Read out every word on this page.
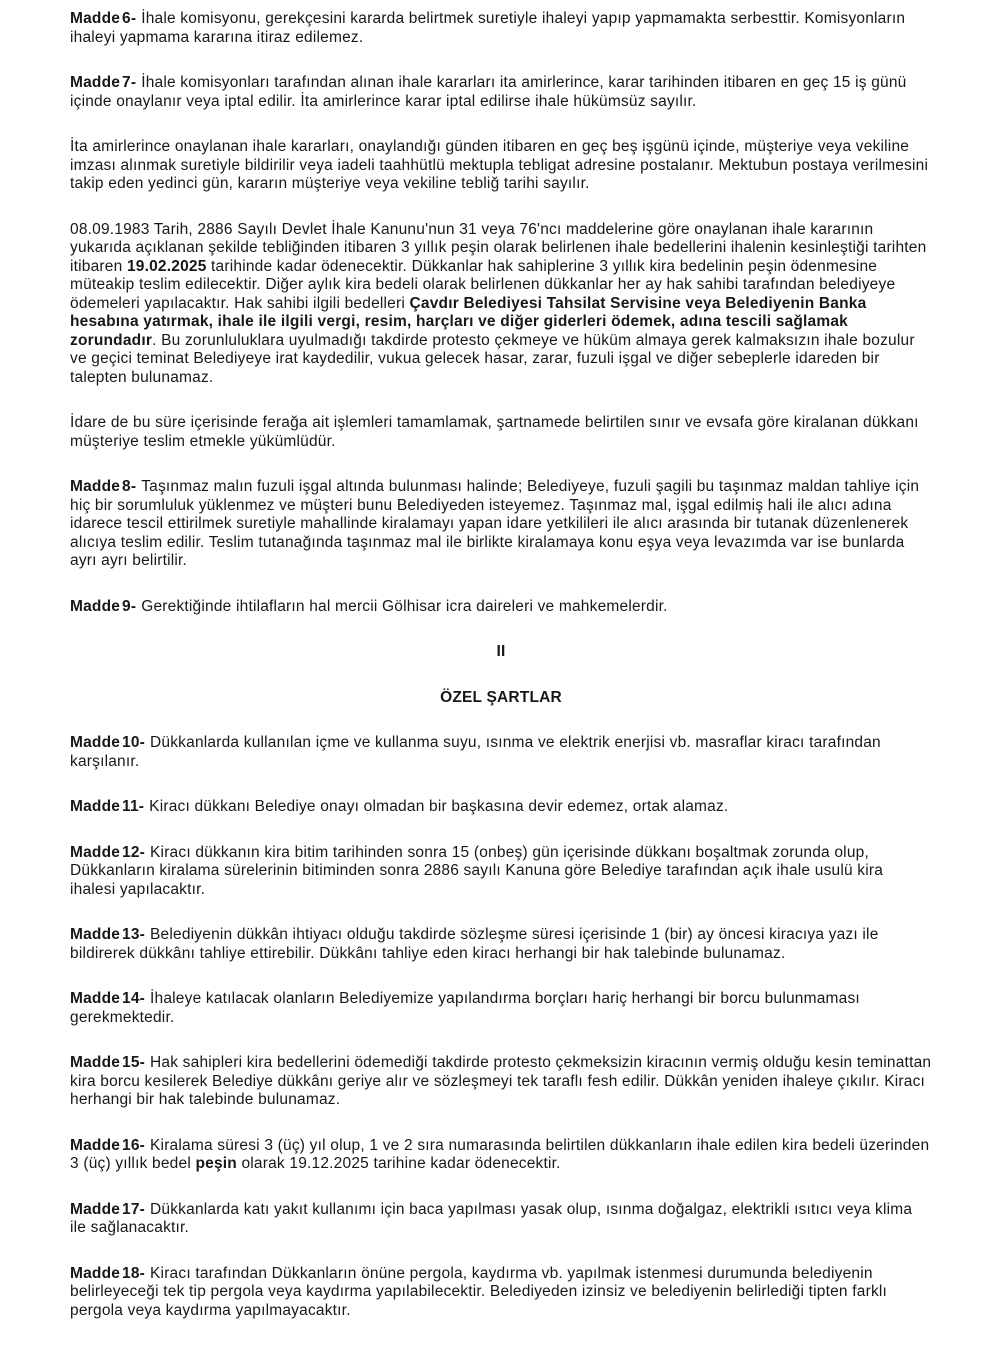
Madde 6- İhale komisyonu, gerekçesini kararda belirtmek suretiyle ihaleyi yapıp yapmamakta serbesttir. Komisyonların ihaleyi yapmama kararına itiraz edilemez.

Madde 7- İhale komisyonları tarafından alınan ihale kararları ita amirlerince, karar tarihinden itibaren en geç 15 iş günü içinde onaylanır veya iptal edilir. İta amirlerince karar iptal edilirse ihale hükümsüz sayılır.

İta amirlerince onaylanan ihale kararları, onaylandığı günden itibaren en geç beş işgünü içinde, müşteriye veya vekiline imzası alınmak suretiyle bildirilir veya iadeli taahhütlü mektupla tebligat adresine postalanır. Mektubun postaya verilmesini takip eden yedinci gün, kararın müşteriye veya vekiline tebliğ tarihi sayılır.

08.09.1983 Tarih, 2886 Sayılı Devlet İhale Kanunu'nun 31 veya 76'ncı maddelerine göre onaylanan ihale kararının yukarıda açıklanan şekilde tebliğinden itibaren 3 yıllık peşin olarak belirlenen ihale bedellerini ihalenin kesinleştiği tarihten itibaren 19.02.2025 tarihinde kadar ödenecektir. Dükkanlar hak sahiplerine 3 yıllık kira bedelinin peşin ödenmesine müteakip teslim edilecektir. Diğer aylık kira bedeli olarak belirlenen dükkanlar her ay hak sahibi tarafından belediyeye ödemeleri yapılacaktır. Hak sahibi ilgili bedelleri Çavdır Belediyesi Tahsilat Servisine veya Belediyenin Banka hesabına yatırmak, ihale ile ilgili vergi, resim, harçları ve diğer giderleri ödemek, adına tescili sağlamak zorundadır. Bu zorunluluklara uyulmadığı takdirde protesto çekmeye ve hüküm almaya gerek kalmaksızın ihale bozulur ve geçici teminat Belediyeye irat kaydedilir, vukua gelecek hasar, zarar, fuzuli işgal ve diğer sebeplerle idareden bir talepten bulunamaz.

İdare de bu süre içerisinde ferağa ait işlemleri tamamlamak, şartnamede belirtilen sınır ve evsafa göre kiralanan dükkanı müşteriye teslim etmekle yükümlüdür.

Madde 8- Taşınmaz malın fuzuli işgal altında bulunması halinde; Belediyeye, fuzuli şagili bu taşınmaz maldan tahliye için hiç bir sorumluluk yüklenmez ve müşteri bunu Belediyeden isteyemez. Taşınmaz mal, işgal edilmiş hali ile alıcı adına idarece tescil ettirilmek suretiyle mahallinde kiralamayı yapan idare yetkilileri ile alıcı arasında bir tutanak düzenlenerek alıcıya teslim edilir. Teslim tutanağında taşınmaz mal ile birlikte kiralamaya konu eşya veya levazımda var ise bunlarda ayrı ayrı belirtilir.

Madde 9- Gerektiğinde ihtilafların hal mercii Gölhisar icra daireleri ve mahkemelerdir.

II

ÖZEL ŞARTLAR

Madde 10- Dükkanlarda kullanılan içme ve kullanma suyu, ısınma ve elektrik enerjisi vb. masraflar kiracı tarafından karşılanır.

Madde 11- Kiracı dükkanı Belediye onayı olmadan bir başkasına devir edemez, ortak alamaz.

Madde 12- Kiracı dükkanın kira bitim tarihinden sonra 15 (onbeş) gün içerisinde dükkanı boşaltmak zorunda olup, Dükkanların kiralama sürelerinin bitiminden sonra 2886 sayılı Kanuna göre Belediye tarafından açık ihale usulü kira ihalesi yapılacaktır.

Madde 13- Belediyenin dükkân ihtiyacı olduğu takdirde sözleşme süresi içerisinde 1 (bir) ay öncesi kiracıya yazı ile bildirerek dükkânı tahliye ettirebilir. Dükkânı tahliye eden kiracı herhangi bir hak talebinde bulunamaz.

Madde 14- İhaleye katılacak olanların Belediyemize yapılandırma borçları hariç herhangi bir borcu bulunmaması gerekmektedir.

Madde 15- Hak sahipleri kira bedellerini ödemediği takdirde protesto çekmeksizin kiracının vermiş olduğu kesin teminattan kira borcu kesilerek Belediye dükkânı geriye alır ve sözleşmeyi tek taraflı fesh edilir. Dükkân yeniden ihaleye çıkılır. Kiracı herhangi bir hak talebinde bulunamaz.

Madde 16- Kiralama süresi 3 (üç) yıl olup, 1 ve 2 sıra numarasında belirtilen dükkanların ihale edilen kira bedeli üzerinden 3 (üç) yıllık bedel peşin olarak 19.12.2025 tarihine kadar ödenecektir.

Madde 17- Dükkanlarda katı yakıt kullanımı için baca yapılması yasak olup, ısınma doğalgaz, elektrikli ısıtıcı veya klima ile sağlanacaktır.

Madde 18- Kiracı tarafından Dükkanların önüne pergola, kaydırma vb. yapılmak istenmesi durumunda belediyenin belirleyeceği tek tip pergola veya kaydırma yapılabilecektir. Belediyeden izinsiz ve belediyenin belirlediği tipten farklı pergola veya kaydırma yapılmayacaktır.
